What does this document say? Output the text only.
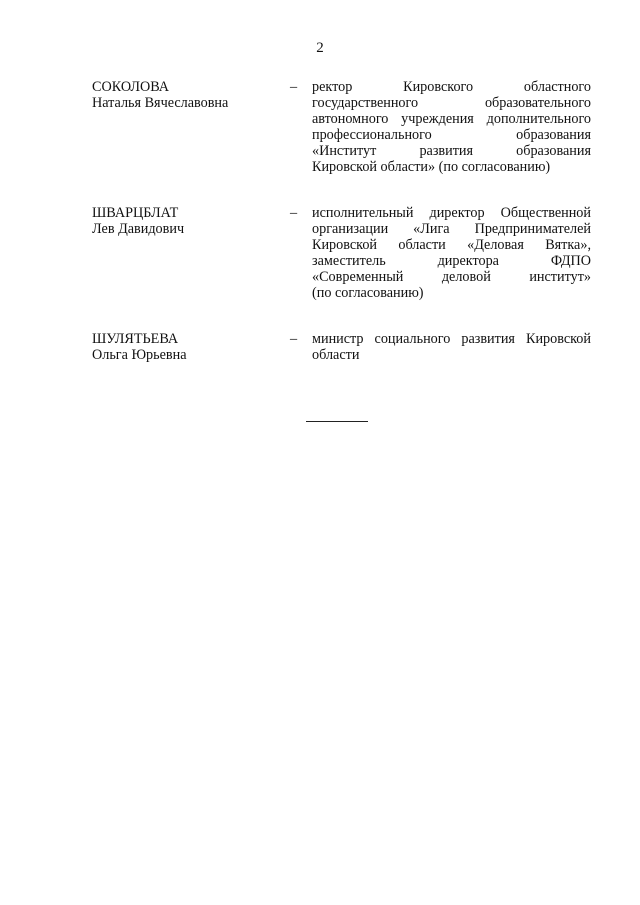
2
СОКОЛОВА
Наталья Вячеславовна
– ректор Кировского областного
государственного образовательного
автономного учреждения дополнительного
профессионального образования
«Институт развития образования
Кировской области» (по согласованию)
ШВАРЦБЛАТ
Лев Давидович
– исполнительный директор Общественной
организации «Лига Предпринимателей
Кировской области «Деловая Вятка»,
заместитель директора ФДПО
«Современный деловой институт»
(по согласованию)
ШУЛЯТЬЕВА
Ольга Юрьевна
– министр социального развития Кировской
области
